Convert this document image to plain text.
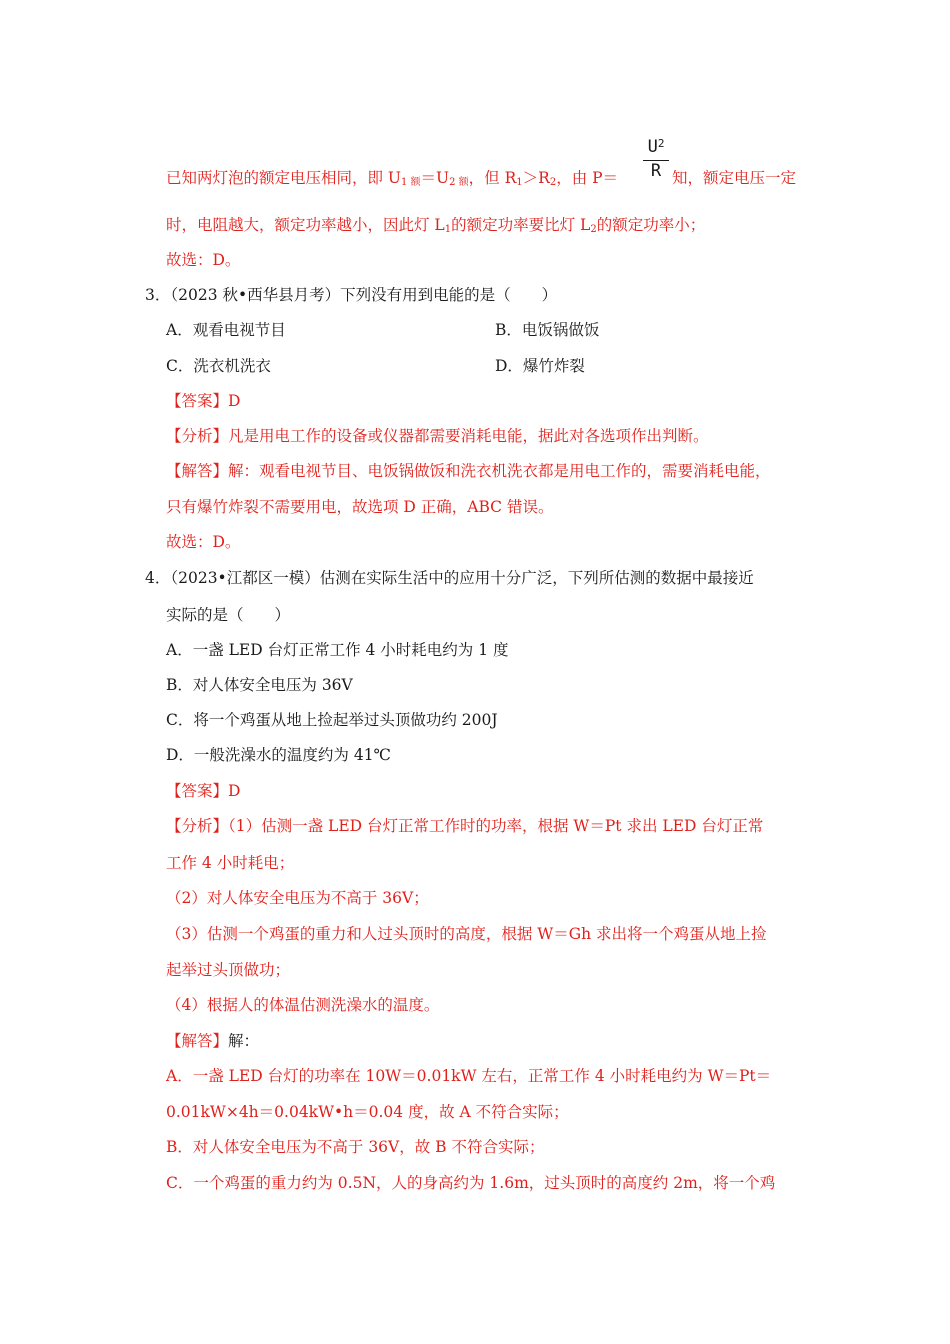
已知两灯泡的额定电压相同，即 $U_{1 额}=U_{2 额}$，但 $R_1>R_2$，由 P＝
$U^2$
R 知，额定电压一定
时，电阻越大，额定功率越小，因此灯 $L_1$的额定功率要比灯 $L_2$的额定功率小；
故选：D。
3．（2023 秋•西华县月考）下列没有用到电能的是（　　）
A．观看电视节目	B．电饭锅做饭
C．洗衣机洗衣	D．爆竹炸裂
【答案】D
【分析】凡是用电工作的设备或仪器都需要消耗电能，据此对各选项作出判断。
【解答】解：观看电视节目、电饭锅做饭和洗衣机洗衣都是用电工作的，需要消耗电能，
只有爆竹炸裂不需要用电，故选项 D 正确，ABC 错误。
故选：D。
4．（2023•江都区一模）估测在实际生活中的应用十分广泛，下列所估测的数据中最接近
实际的是（　　）
A．一盏 LED 台灯正常工作 4 小时耗电约为 1 度
B．对人体安全电压为 36V
C．将一个鸡蛋从地上捡起举过头顶做功约 200J
D．一般洗澡水的温度约为 41℃
【答案】D
【分析】（1）估测一盏 LED 台灯正常工作时的功率，根据 W＝Pt 求出 LED 台灯正常
工作 4 小时耗电；
（2）对人体安全电压为不高于 36V；
（3）估测一个鸡蛋的重力和人过头顶时的高度，根据 W＝Gh 求出将一个鸡蛋从地上捡
起举过头顶做功；
（4）根据人的体温估测洗澡水的温度。
【解答】解：
A．一盏 LED 台灯的功率在 10W＝0.01kW 左右，正常工作 4 小时耗电约为 W＝Pt＝
0.01kW×4h＝0.04kW•h＝0.04 度，故 A 不符合实际；
B．对人体安全电压为不高于 36V，故 B 不符合实际；
C．一个鸡蛋的重力约为 0.5N，人的身高约为 1.6m，过头顶时的高度约 2m，将一个鸡
